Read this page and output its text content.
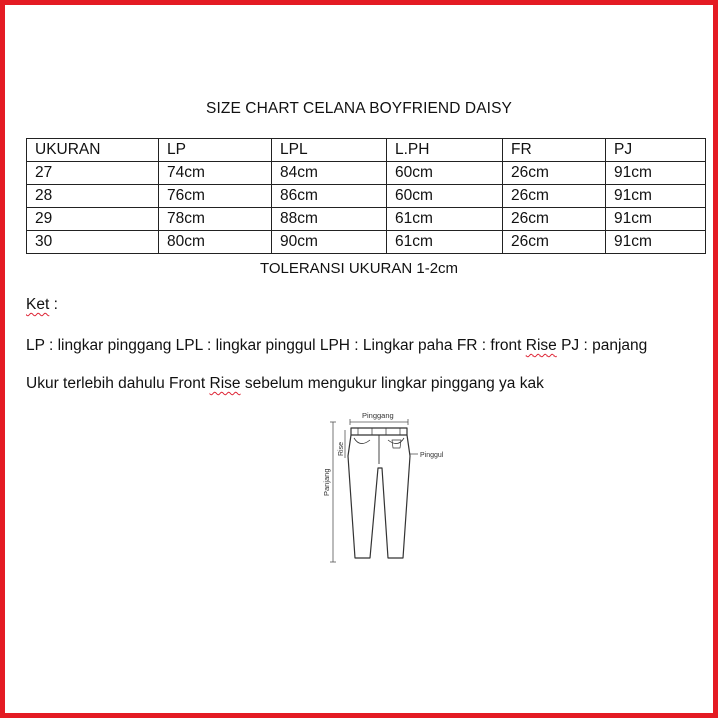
SIZE CHART CELANA BOYFRIEND DAISY
UKURAN	LP	LPL	L.PH	FR	PJ
27	74cm	84cm	60cm	26cm	91cm
28	76cm	86cm	60cm	26cm	91cm
29	78cm	88cm	61cm	26cm	91cm
30	80cm	90cm	61cm	26cm	91cm
TOLERANSI UKURAN 1-2cm
Ket :
LP : lingkar pinggang LPL : lingkar pinggul LPH : Lingkar paha FR : front Rise PJ : panjang
Ukur terlebih dahulu Front Rise sebelum mengukur lingkar pinggang ya kak
Pinggang
Rise
Panjang
Pinggul
